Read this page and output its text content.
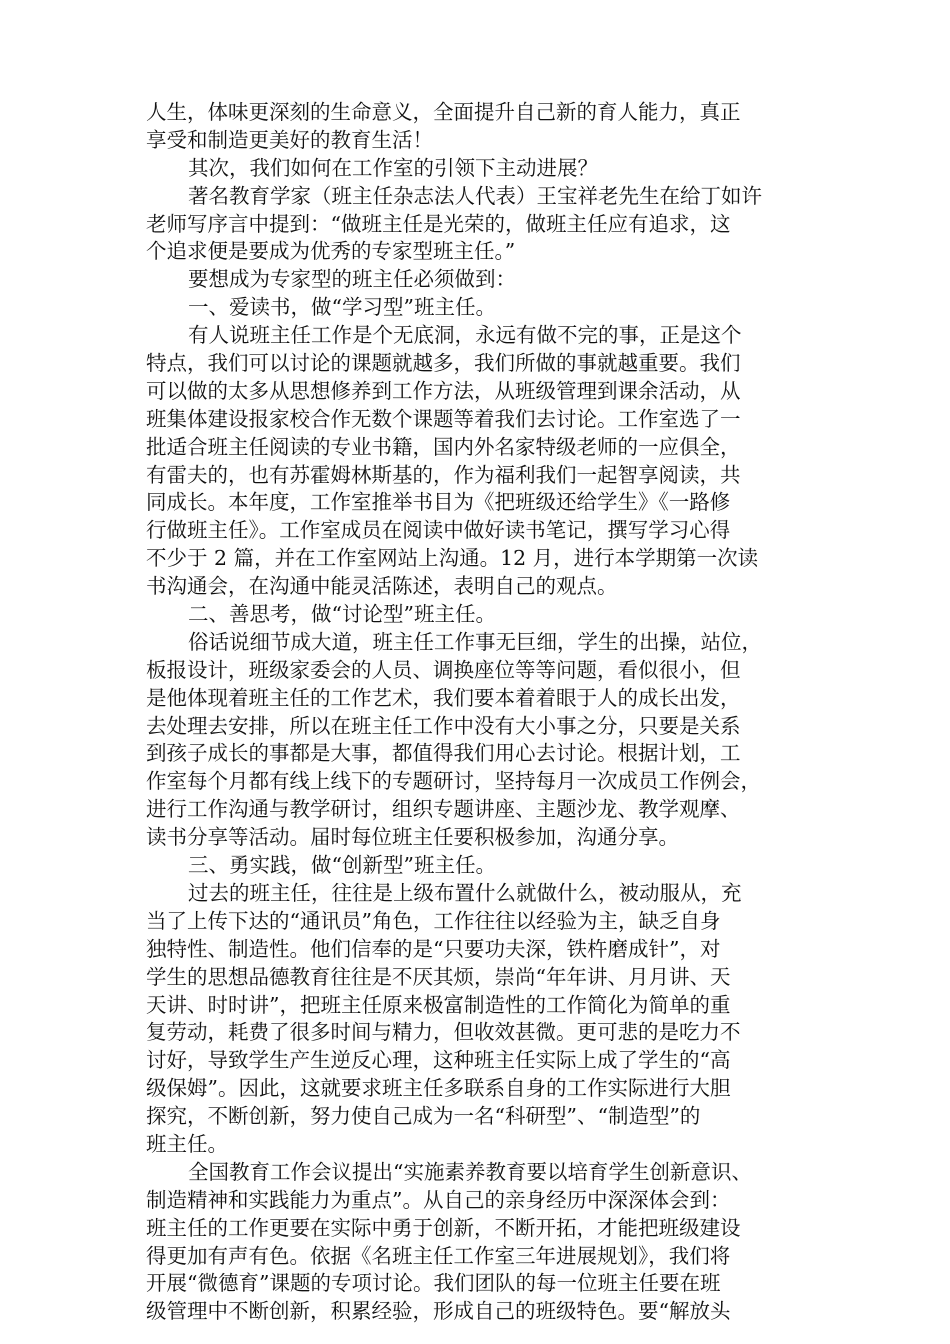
人生，体味更深刻的生命意义，全面提升自己新的育人能力，真正
享受和制造更美好的教育生活！
其次，我们如何在工作室的引领下主动进展？
著名教育学家（班主任杂志法人代表）王宝祥老先生在给丁如许
老师写序言中提到：“做班主任是光荣的，做班主任应有追求，这
个追求便是要成为优秀的专家型班主任。”
要想成为专家型的班主任必须做到：
一、爱读书，做“学习型”班主任。
有人说班主任工作是个无底洞，永远有做不完的事，正是这个
特点，我们可以讨论的课题就越多，我们所做的事就越重要。我们
可以做的太多从思想修养到工作方法，从班级管理到课余活动，从
班集体建设报家校合作无数个课题等着我们去讨论。工作室选了一
批适合班主任阅读的专业书籍，国内外名家特级老师的一应俱全，
有雷夫的，也有苏霍姆林斯基的，作为福利我们一起智享阅读，共
同成长。本年度，工作室推举书目为《把班级还给学生》《一路修
行做班主任》。工作室成员在阅读中做好读书笔记，撰写学习心得
不少于 2 篇，并在工作室网站上沟通。12 月，进行本学期第一次读
书沟通会，在沟通中能灵活陈述，表明自己的观点。
二、善思考，做“讨论型”班主任。
俗话说细节成大道，班主任工作事无巨细，学生的出操，站位，
板报设计，班级家委会的人员、调换座位等等问题，看似很小，但
是他体现着班主任的工作艺术，我们要本着着眼于人的成长出发，
去处理去安排，所以在班主任工作中没有大小事之分，只要是关系
到孩子成长的事都是大事，都值得我们用心去讨论。根据计划，工
作室每个月都有线上线下的专题研讨，坚持每月一次成员工作例会，
进行工作沟通与教学研讨，组织专题讲座、主题沙龙、教学观摩、
读书分享等活动。届时每位班主任要积极参加，沟通分享。
三、勇实践，做“创新型”班主任。
过去的班主任，往往是上级布置什么就做什么，被动服从，充
当了上传下达的“通讯员”角色，工作往往以经验为主，缺乏自身
独特性、制造性。他们信奉的是“只要功夫深，铁杵磨成针”，对
学生的思想品德教育往往是不厌其烦，崇尚“年年讲、月月讲、天
天讲、时时讲”，把班主任原来极富制造性的工作简化为简单的重
复劳动，耗费了很多时间与精力，但收效甚微。更可悲的是吃力不
讨好，导致学生产生逆反心理，这种班主任实际上成了学生的“高
级保姆”。因此，这就要求班主任多联系自身的工作实际进行大胆
探究，不断创新，努力使自己成为一名“科研型”、“制造型”的
班主任。
全国教育工作会议提出“实施素养教育要以培育学生创新意识、
制造精神和实践能力为重点”。从自己的亲身经历中深深体会到：
班主任的工作更要在实际中勇于创新，不断开拓，才能把班级建设
得更加有声有色。依据《名班主任工作室三年进展规划》，我们将
开展“微德育”课题的专项讨论。我们团队的每一位班主任要在班
级管理中不断创新，积累经验，形成自己的班级特色。要“解放头
